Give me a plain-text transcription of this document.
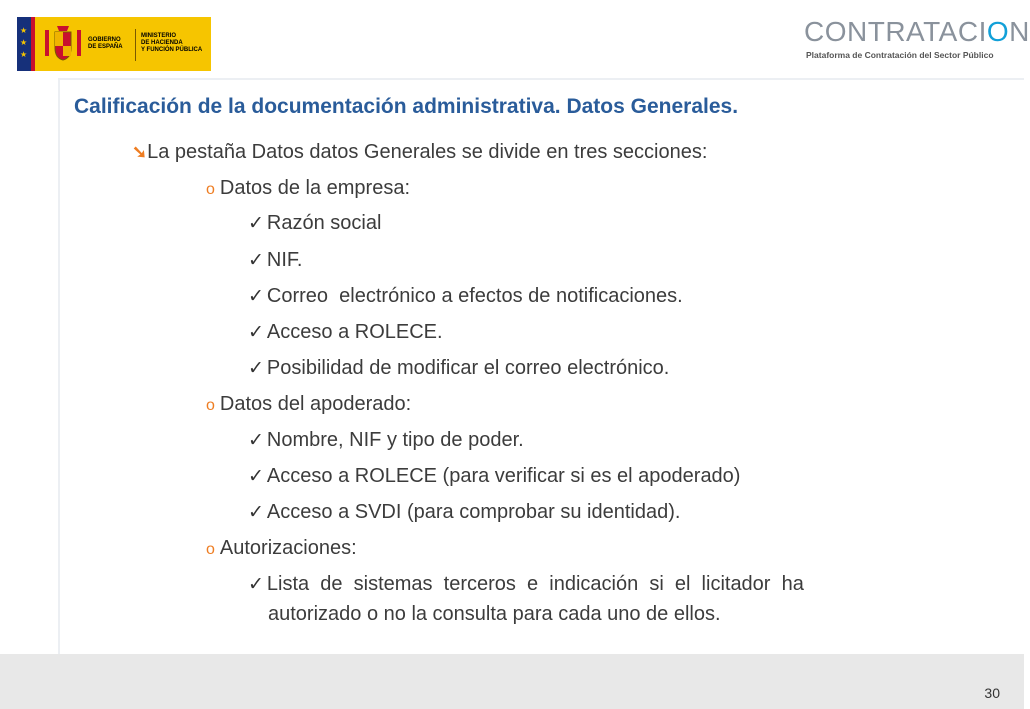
★
★
★
GOBIERNO
DE ESPAÑA
MINISTERIO
DE HACIENDA
Y FUNCIÓN PÚBLICA
CONTRATACION
Plataforma de Contratación del Sector Público
Calificación de la documentación administrativa. Datos Generales.
➘La pestaña Datos datos Generales se divide en tres secciones:
o Datos de la empresa:
✓ Razón social
✓ NIF.
✓ Correo  electrónico a efectos de notificaciones.
✓ Acceso a ROLECE.
✓ Posibilidad de modificar el correo electrónico.
o Datos del apoderado:
✓ Nombre, NIF y tipo de poder.
✓ Acceso a ROLECE (para verificar si es el apoderado)
✓ Acceso a SVDI (para comprobar su identidad).
o Autorizaciones:
✓ Lista  de  sistemas  terceros  e  indicación  si  el  licitador  ha
autorizado o no la consulta para cada uno de ellos.
30
